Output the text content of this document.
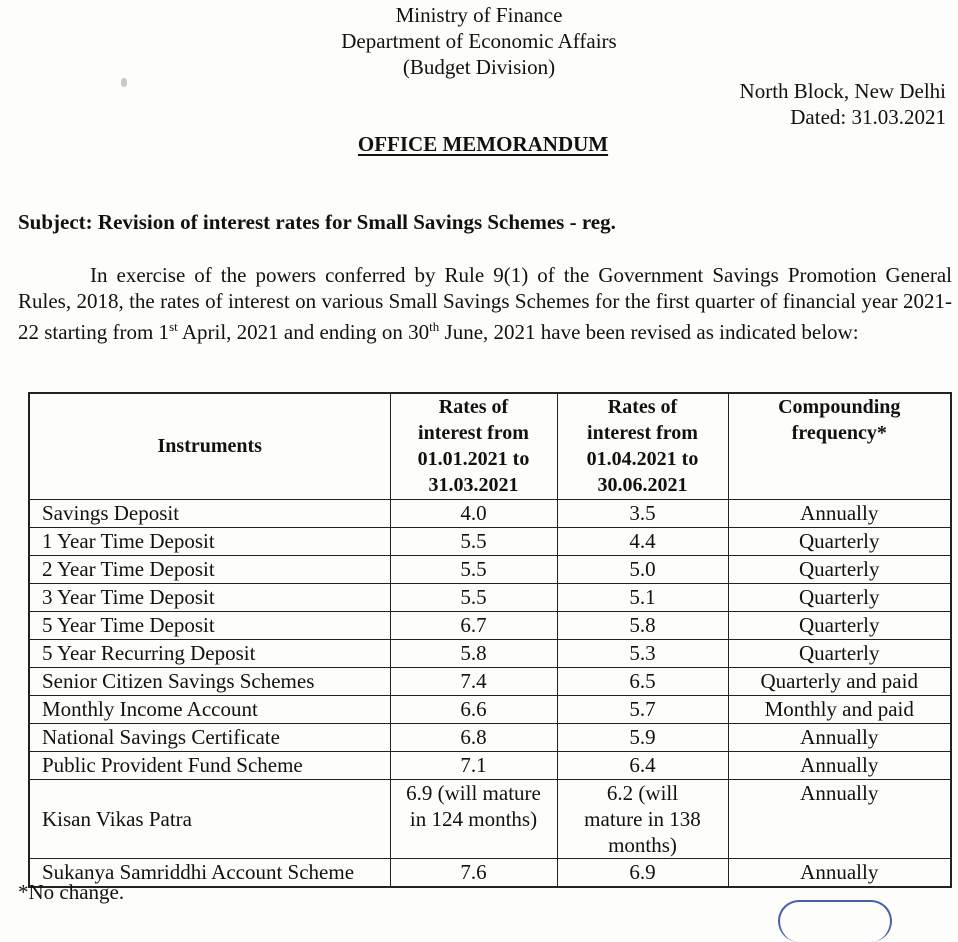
Ministry of Finance
Department of Economic Affairs
(Budget Division)
North Block, New Delhi
Dated: 31.03.2021
OFFICE MEMORANDUM
Subject: Revision of interest rates for Small Savings Schemes - reg.
In exercise of the powers conferred by Rule 9(1) of the Government Savings Promotion General Rules, 2018, the rates of interest on various Small Savings Schemes for the first quarter of financial year 2021-22 starting from 1st April, 2021 and ending on 30th June, 2021 have been revised as indicated below:
Instruments	Rates of interest from 01.01.2021 to 31.03.2021	Rates of interest from 01.04.2021 to 30.06.2021	Compounding frequency*
Savings Deposit	4.0	3.5	Annually
1 Year Time Deposit	5.5	4.4	Quarterly
2 Year Time Deposit	5.5	5.0	Quarterly
3 Year Time Deposit	5.5	5.1	Quarterly
5 Year Time Deposit	6.7	5.8	Quarterly
5 Year Recurring Deposit	5.8	5.3	Quarterly
Senior Citizen Savings Schemes	7.4	6.5	Quarterly and paid
Monthly Income Account	6.6	5.7	Monthly and paid
National Savings Certificate	6.8	5.9	Annually
Public Provident Fund Scheme	7.1	6.4	Annually
Kisan Vikas Patra	6.9 (will mature in 124 months)	6.2 (will mature in 138 months)	Annually
Sukanya Samriddhi Account Scheme	7.6	6.9	Annually
*No change.
